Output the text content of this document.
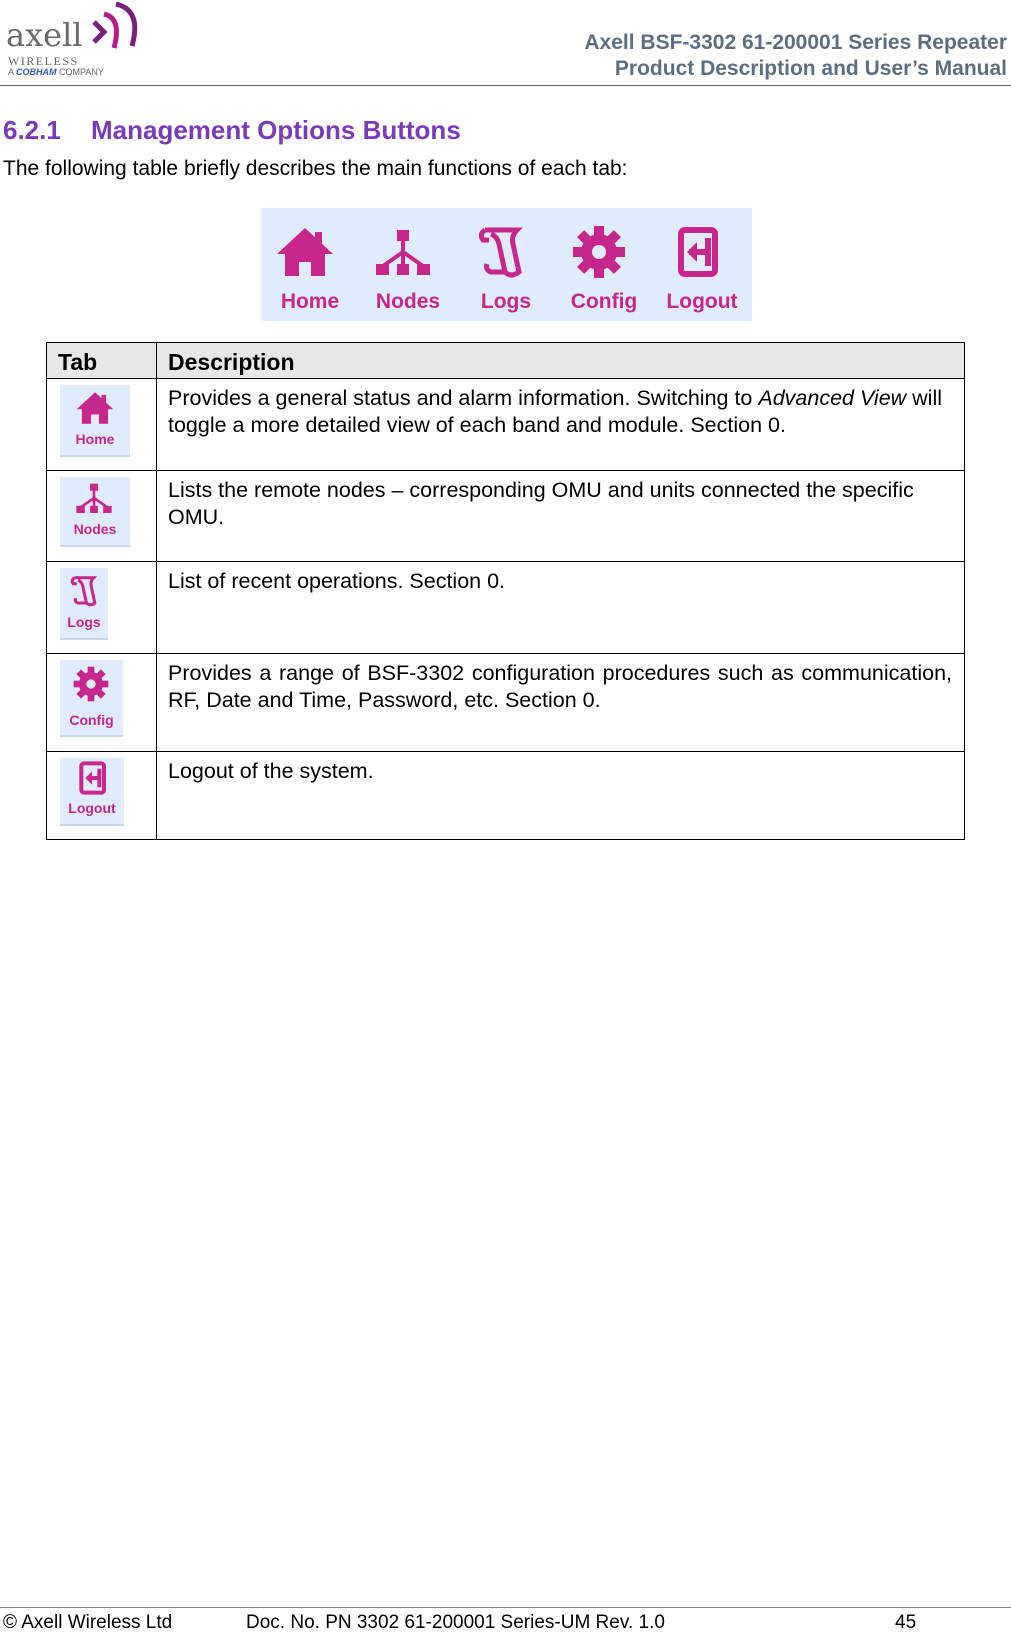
axell
WIRELESS
A COBHAM COMPANY
Axell BSF-3302 61-200001 Series Repeater
Product Description and User’s Manual
6.2.1 Management Options Buttons
The following table briefly describes the main functions of each tab:
Home	Nodes	Logs	Config	Logout
Tab	Description

Home	Provides a general status and alarm information. Switching to Advanced View will toggle a more detailed view of each band and module. Section 0.

Nodes	Lists the remote nodes – corresponding OMU and units connected the specific OMU.

Logs	List of recent operations. Section 0.

Config	Provides a range of BSF-3302 configuration procedures such as communication, RF, Date and Time, Password, etc. Section 0.

Logout	Logout of the system.
© Axell Wireless Ltd	Doc. No. PN 3302 61-200001 Series-UM Rev. 1.0	45
